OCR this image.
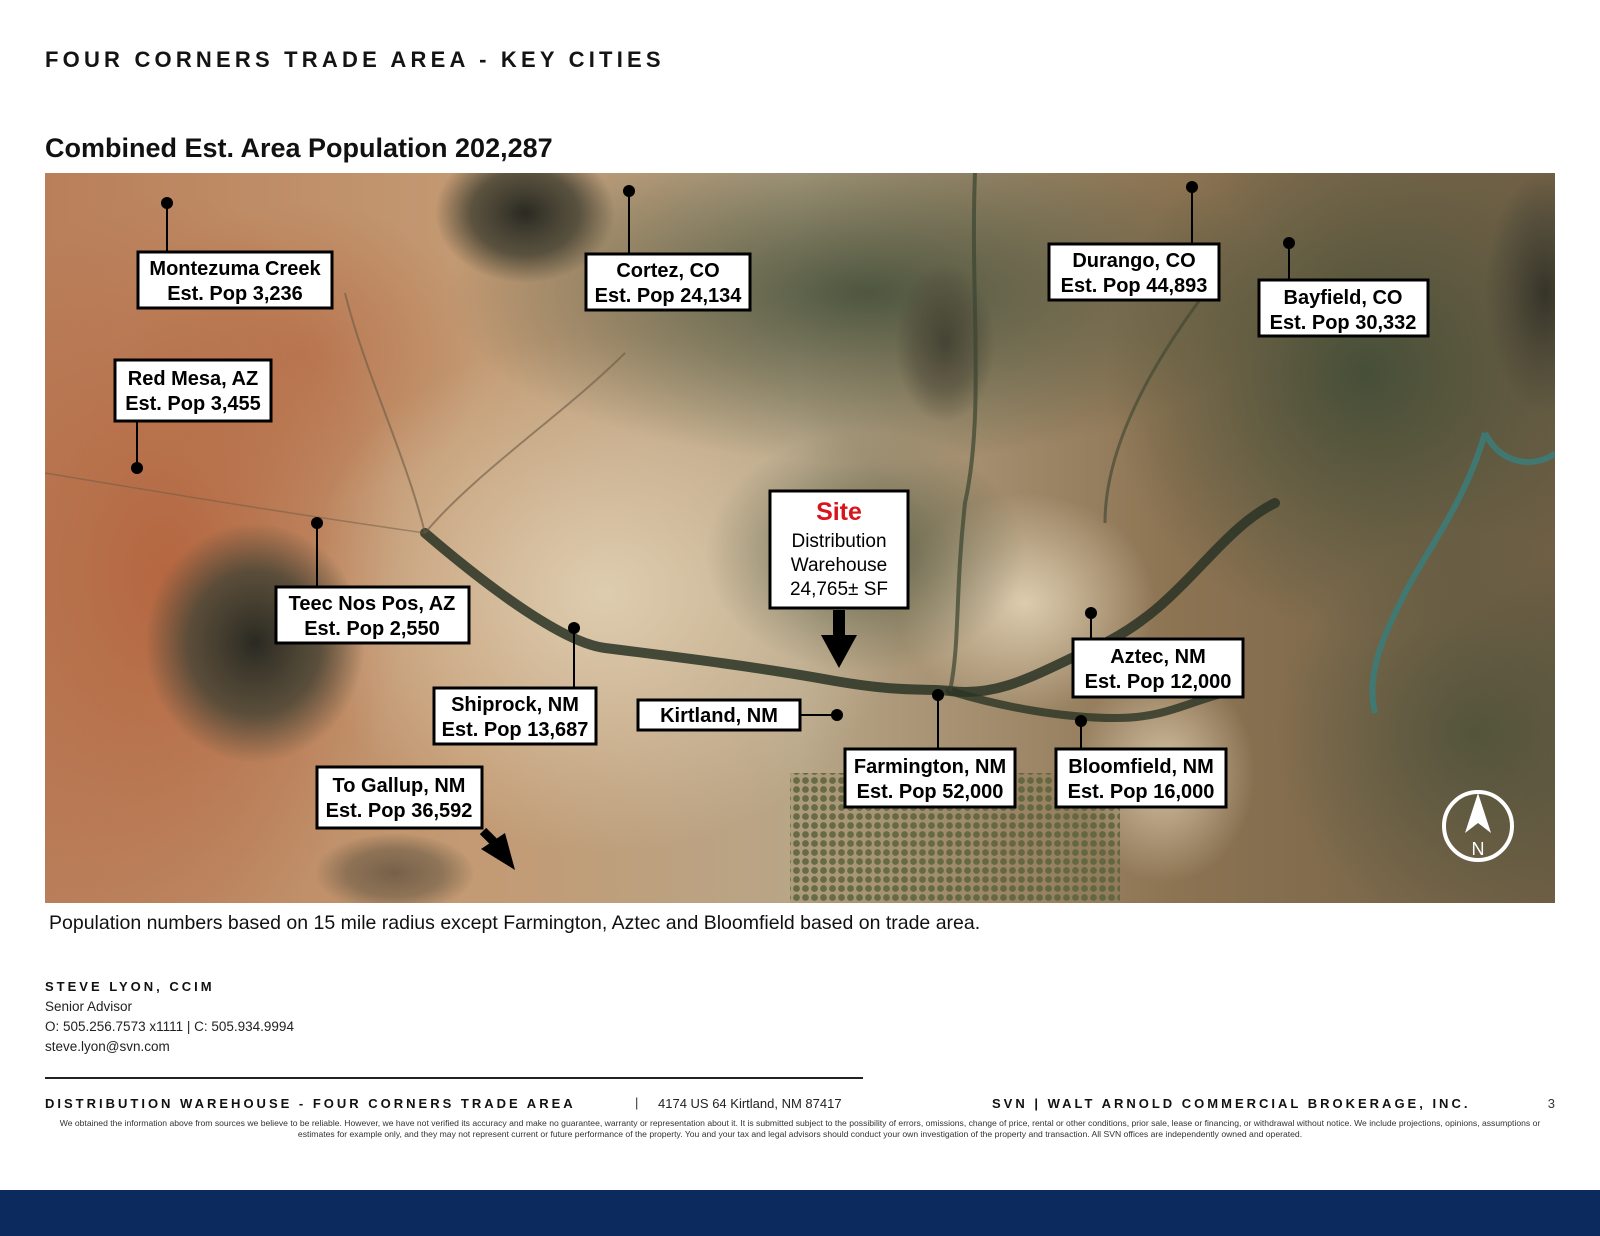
FOUR CORNERS TRADE AREA - KEY CITIES
Combined Est. Area Population 202,287
Montezuma Creek
Est. Pop 3,236
Cortez, CO
Est. Pop 24,134
Durango, CO
Est. Pop 44,893
Bayfield, CO
Est. Pop 30,332
Red Mesa, AZ
Est. Pop 3,455
Teec Nos Pos, AZ
Est. Pop 2,550
Shiprock, NM
Est. Pop 13,687
Kirtland, NM
To Gallup, NM
Est. Pop 36,592
Farmington, NM
Est. Pop 52,000
Bloomfield, NM
Est. Pop 16,000
Aztec, NM
Est. Pop 12,000
Site
Distribution
Warehouse
24,765± SF
N
Population numbers based on 15 mile radius except Farmington, Aztec and Bloomfield based on trade area.
STEVE LYON, CCIM
Senior Advisor
O: 505.256.7573 x1111 | C: 505.934.9994
steve.lyon@svn.com
DISTRIBUTION WAREHOUSE - FOUR CORNERS TRADE AREA	| 4174 US 64 Kirtland, NM 87417	SVN | WALT ARNOLD COMMERCIAL BROKERAGE, INC.	3
We obtained the information above from sources we believe to be reliable. However, we have not verified its accuracy and make no guarantee, warranty or representation about it. It is submitted subject to the possibility of errors, omissions, change of price, rental or other conditions, prior sale, lease or financing, or withdrawal without notice. We include projections, opinions, assumptions or estimates for example only, and they may not represent current or future performance of the property. You and your tax and legal advisors should conduct your own investigation of the property and transaction. All SVN offices are independently owned and operated.
